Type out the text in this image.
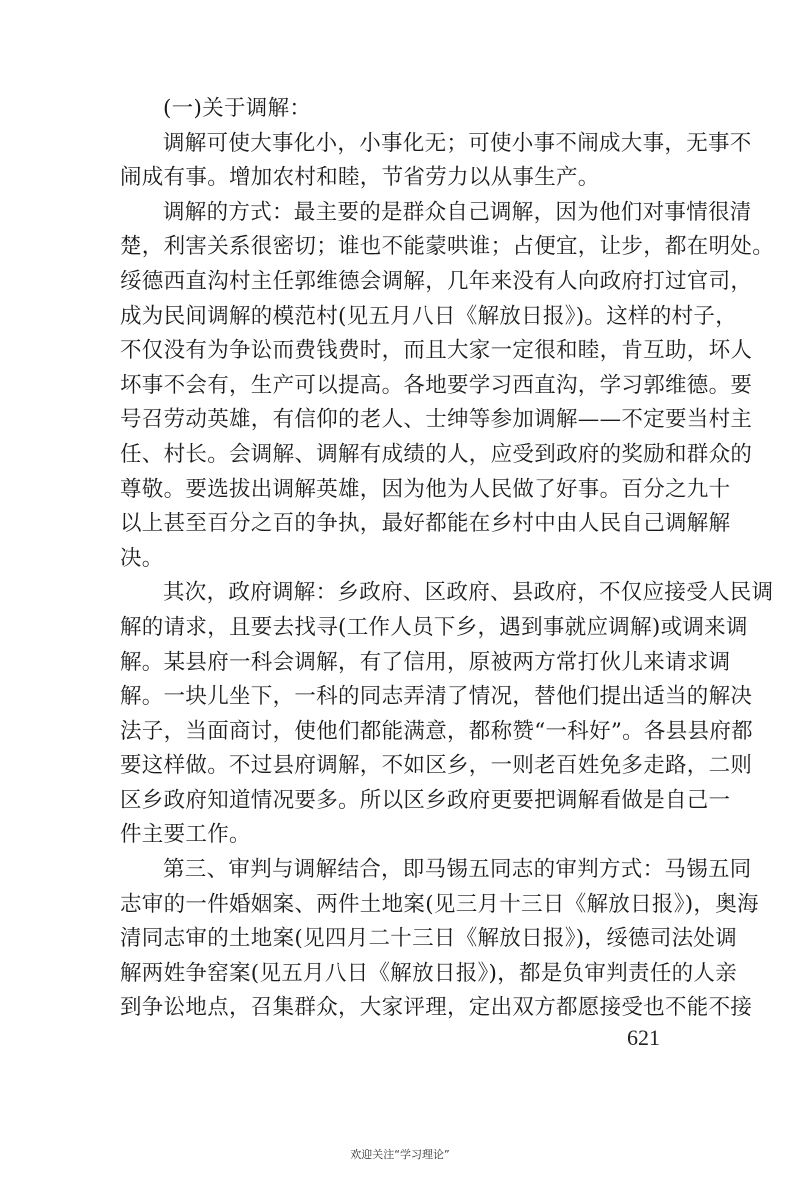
(一)关于调解：
调解可使大事化小，小事化无；可使小事不闹成大事，无事不
闹成有事。增加农村和睦，节省劳力以从事生产。
调解的方式：最主要的是群众自己调解，因为他们对事情很清
楚，利害关系很密切；谁也不能蒙哄谁；占便宜，让步，都在明处。
绥德西直沟村主任郭维德会调解，几年来没有人向政府打过官司，
成为民间调解的模范村(见五月八日《解放日报》)。这样的村子，
不仅没有为争讼而费钱费时，而且大家一定很和睦，肯互助，坏人
坏事不会有，生产可以提高。各地要学习西直沟，学习郭维德。要
号召劳动英雄，有信仰的老人、士绅等参加调解——不定要当村主
任、村长。会调解、调解有成绩的人，应受到政府的奖励和群众的
尊敬。要选拔出调解英雄，因为他为人民做了好事。百分之九十
以上甚至百分之百的争执，最好都能在乡村中由人民自己调解解
决。
其次，政府调解：乡政府、区政府、县政府，不仅应接受人民调
解的请求，且要去找寻(工作人员下乡，遇到事就应调解)或调来调
解。某县府一科会调解，有了信用，原被两方常打伙儿来请求调
解。一块儿坐下，一科的同志弄清了情况，替他们提出适当的解决
法子，当面商讨，使他们都能满意，都称赞“一科好”。各县县府都
要这样做。不过县府调解，不如区乡，一则老百姓免多走路，二则
区乡政府知道情况要多。所以区乡政府更要把调解看做是自己一
件主要工作。
第三、审判与调解结合，即马锡五同志的审判方式：马锡五同
志审的一件婚姻案、两件土地案(见三月十三日《解放日报》)，奥海
清同志审的土地案(见四月二十三日《解放日报》)，绥德司法处调
解两姓争窑案(见五月八日《解放日报》)，都是负审判责任的人亲
到争讼地点，召集群众，大家评理，定出双方都愿接受也不能不接
621
欢迎关注“学习理论”
